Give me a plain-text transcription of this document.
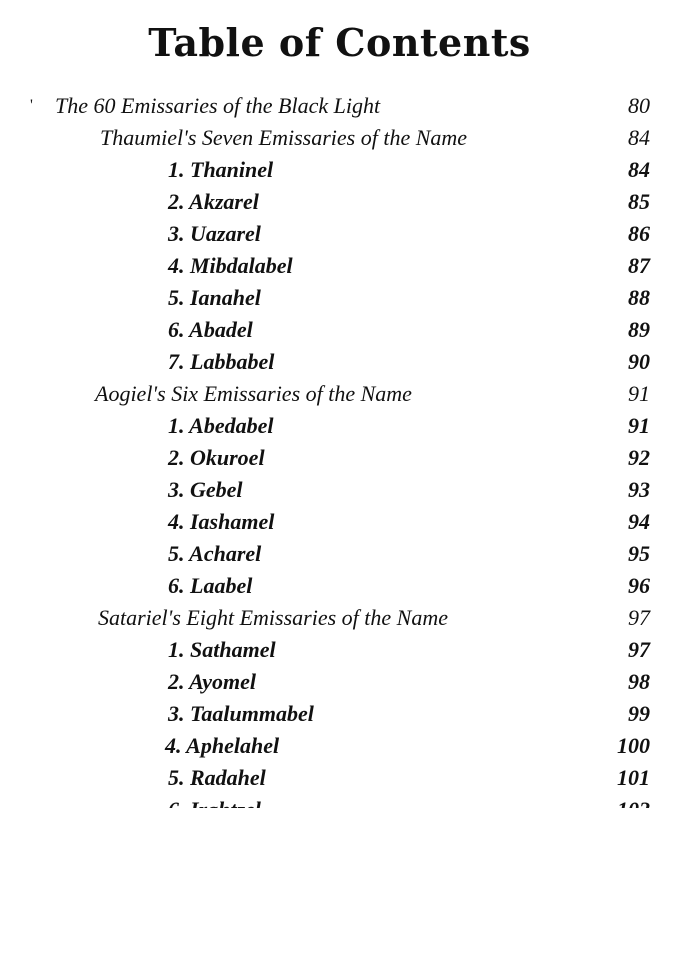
Table of Contents
' The 60 Emissaries of the Black Light	80
Thaumiel's Seven Emissaries of the Name	84
1. Thaninel	84
2. Akzarel	85
3. Uazarel	86
4. Mibdalabel	87
5. Ianahel	88
6. Abadel	89
7. Labbabel	90
Aogiel's Six Emissaries of the Name	91
1. Abedabel	91
2. Okuroel	92
3. Gebel	93
4. Iashamel	94
5. Acharel	95
6. Laabel	96
Satariel's Eight Emissaries of the Name	97
1. Sathamel	97
2. Ayomel	98
3. Taalummabel	99
4. Aphelahel	100
5. Radahel	101
